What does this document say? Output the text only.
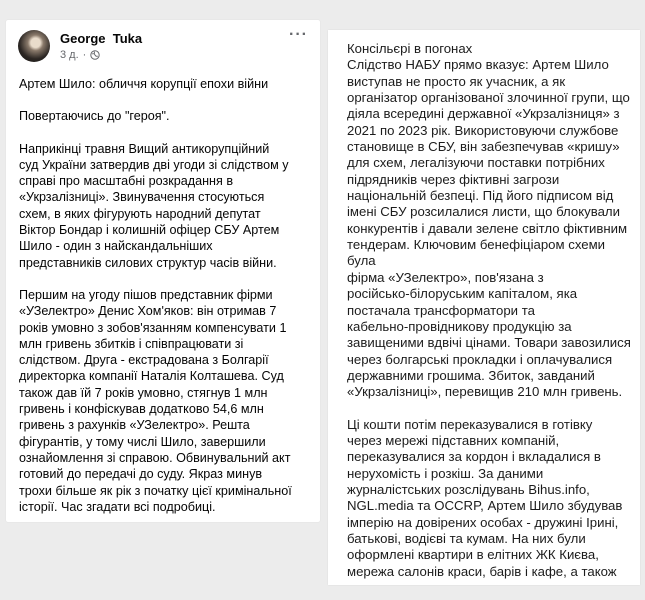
George  Tuka
3 д. ·
···

Артем Шило: обличчя корупції епохи війни

Повертаючись до "героя".

Наприкінці травня Вищий антикорупційний
суд України затвердив дві угоди зі слідством у
справі про масштабні розкрадання в
«Укрзалізниці». Звинувачення стосуються
схем, в яких фігурують народний депутат
Віктор Бондар і колишній офіцер СБУ Артем
Шило - один з найскандальніших
представників силових структур часів війни.

Першим на угоду пішов представник фірми
«УЗелектро» Денис Хом'яков: він отримав 7
років умовно з зобов'язанням компенсувати 1
млн гривень збитків і співпрацювати зі
слідством. Друга - екстрадована з Болгарії
директорка компанії Наталія Колташева. Суд
також дав їй 7 років умовно, стягнув 1 млн
гривень і конфіскував додатково 54,6 млн
гривень з рахунків «УЗелектро». Решта
фігурантів, у тому числі Шило, завершили
ознайомлення зі справою. Обвинувальний акт
готовий до передачі до суду. Якраз минув
трохи більше як рік з початку цієї кримінальної
історії. Час згадати всі подробиці.

Консільєрі в погонах

Слідство НАБУ прямо вказує: Артем Шило
виступав не просто як учасник, а як
організатор організованої злочинної групи, що
діяла всередині державної «Укрзалізниця» з
2021 по 2023 рік. Використовуючи службове
становище в СБУ, він забезпечував «кришу»
для схем, легалізуючи поставки потрібних
підрядників через фіктивні загрози
національній безпеці. Під його підписом від
імені СБУ розсилалися листи, що блокували
конкурентів і давали зелене світло фіктивним
тендерам. Ключовим бенефіціаром схеми була
фірма «УЗелектро», пов'язана з
російсько-білоруським капіталом, яка
постачала трансформатори та
кабельно-провідникову продукцію за
завищеними вдвічі цінами. Товари завозилися
через болгарські прокладки і оплачувалися
державними грошима. Збиток, завданий
«Укрзалізниці», перевищив 210 млн гривень.

Ці кошти потім переказувалися в готівку
через мережі підставних компаній,
переказувалися за кордон і вкладалися в
нерухомість і розкіш. За даними
журналістських розслідувань Bihus.info,
NGL.media та OCCRP, Артем Шило збудував
імперію на довірених особах - дружині Ірині,
батькові, водієві та кумам. На них були
оформлені квартири в елітних ЖК Києва,
мережа салонів краси, барів і кафе, а також
